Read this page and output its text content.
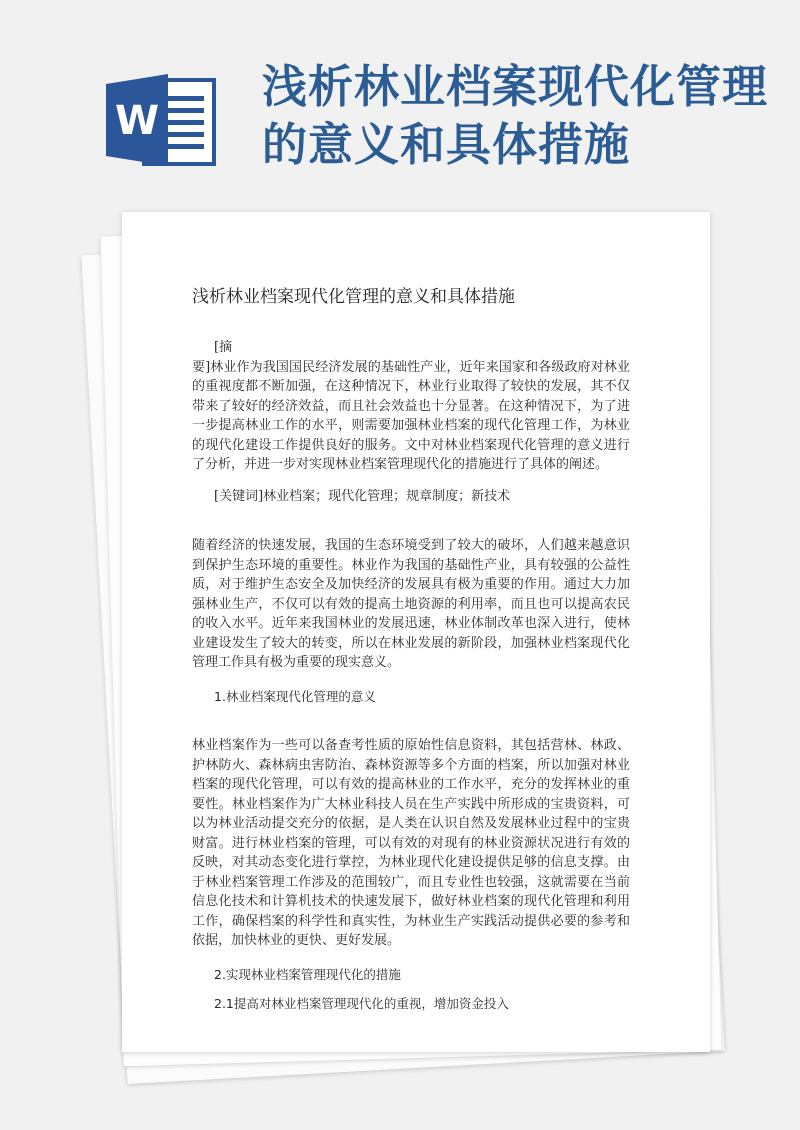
W
浅析林业档案现代化管理的意义和具体措施
浅析林业档案现代化管理的意义和具体措施

[摘

要]林业作为我国国民经济发展的基础性产业，近年来国家和各级政府对林业的重视度都不断加强，在这种情况下，林业行业取得了较快的发展，其不仅带来了较好的经济效益，而且社会效益也十分显著。在这种情况下，为了进一步提高林业工作的水平，则需要加强林业档案的现代化管理工作，为林业的现代化建设工作提供良好的服务。文中对林业档案现代化管理的意义进行了分析，并进一步对实现林业档案管理现代化的措施进行了具体的阐述。

[关键词]林业档案；现代化管理；规章制度；新技术

随着经济的快速发展，我国的生态环境受到了较大的破坏，人们越来越意识到保护生态环境的重要性。林业作为我国的基础性产业，具有较强的公益性质，对于维护生态安全及加快经济的发展具有极为重要的作用。通过大力加强林业生产，不仅可以有效的提高土地资源的利用率，而且也可以提高农民的收入水平。近年来我国林业的发展迅速，林业体制改革也深入进行，使林业建设发生了较大的转变，所以在林业发展的新阶段，加强林业档案现代化管理工作具有极为重要的现实意义。

1.林业档案现代化管理的意义

林业档案作为一些可以备查考性质的原始性信息资料，其包括营林、林政、护林防火、森林病虫害防治、森林资源等多个方面的档案，所以加强对林业档案的现代化管理，可以有效的提高林业的工作水平，充分的发挥林业的重要性。林业档案作为广大林业科技人员在生产实践中所形成的宝贵资料，可以为林业活动提交充分的依据，是人类在认识自然及发展林业过程中的宝贵财富。进行林业档案的管理，可以有效的对现有的林业资源状况进行有效的反映，对其动态变化进行掌控，为林业现代化建设提供足够的信息支撑。由于林业档案管理工作涉及的范围较广，而且专业性也较强，这就需要在当前信息化技术和计算机技术的快速发展下，做好林业档案的现代化管理和利用工作，确保档案的科学性和真实性，为林业生产实践活动提供必要的参考和依据，加快林业的更快、更好发展。

2.实现林业档案管理现代化的措施

2.1提高对林业档案管理现代化的重视，增加资金投入
